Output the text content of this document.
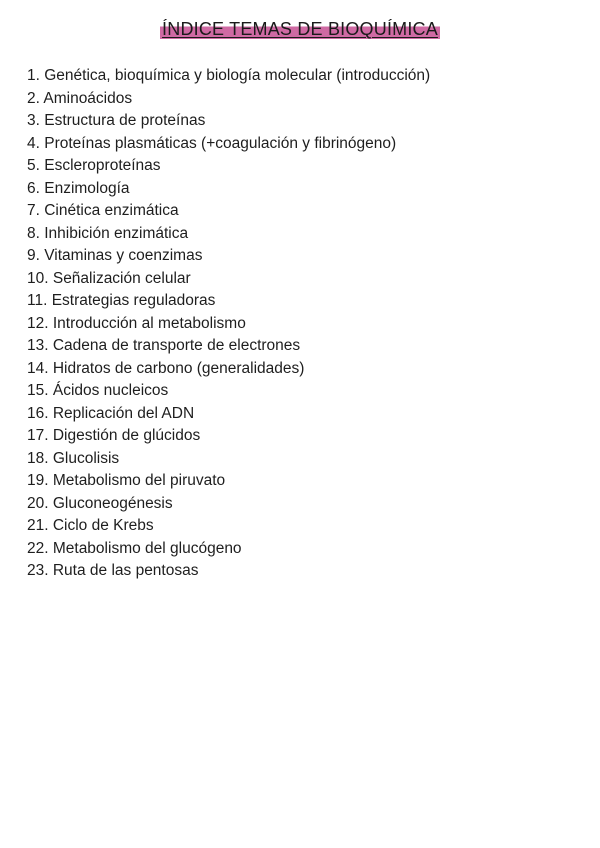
ÍNDICE TEMAS DE BIOQUÍMICA
1. Genética, bioquímica y biología molecular (introducción)
2. Aminoácidos
3. Estructura de proteínas
4. Proteínas plasmáticas (+coagulación y fibrinógeno)
5. Escleroproteínas
6. Enzimología
7. Cinética enzimática
8. Inhibición enzimática
9. Vitaminas y coenzimas
10. Señalización celular
11. Estrategias reguladoras
12. Introducción al metabolismo
13. Cadena de transporte de electrones
14. Hidratos de carbono (generalidades)
15. Ácidos nucleicos
16. Replicación del ADN
17. Digestión de glúcidos
18. Glucolisis
19. Metabolismo del piruvato
20. Gluconeogénesis
21. Ciclo de Krebs
22. Metabolismo del glucógeno
23. Ruta de las pentosas
